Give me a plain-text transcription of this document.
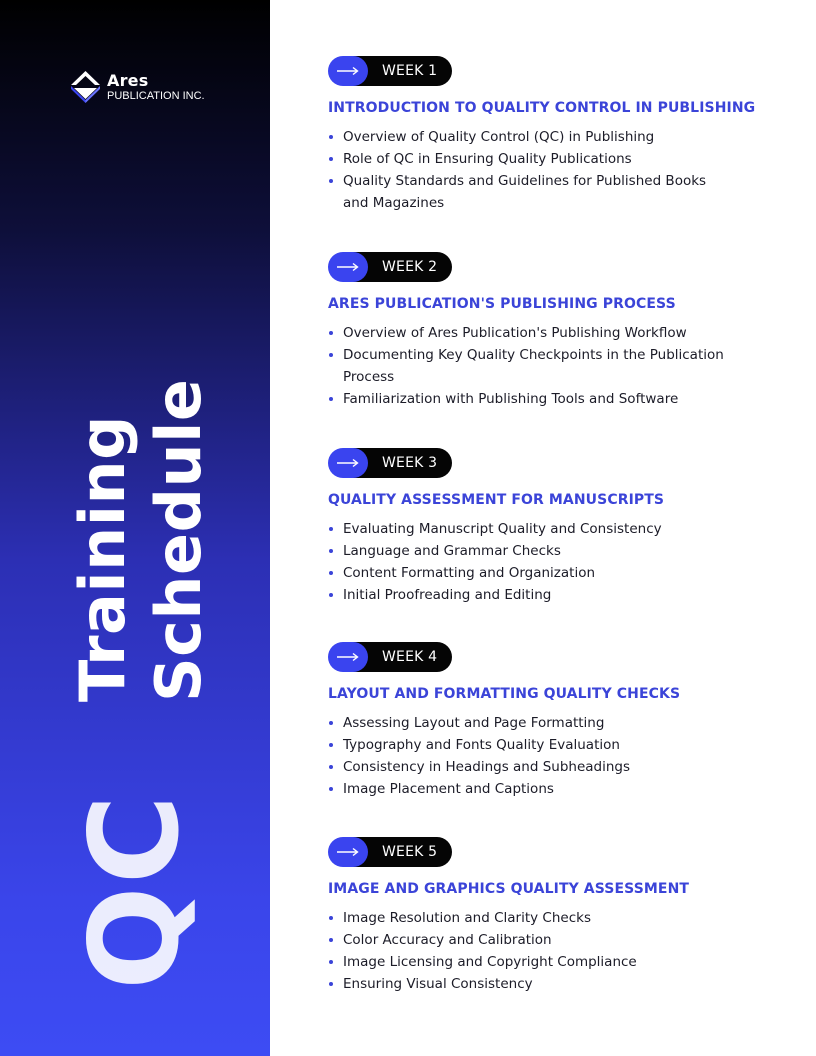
Ares
PUBLICATION INC.
QC
Training Schedule
WEEK 1
INTRODUCTION TO QUALITY CONTROL IN PUBLISHING
Overview of Quality Control (QC) in Publishing
Role of QC in Ensuring Quality Publications
Quality Standards and Guidelines for Published Books and Magazines
WEEK 2
ARES PUBLICATION'S PUBLISHING PROCESS
Overview of Ares Publication's Publishing Workflow
Documenting Key Quality Checkpoints in the Publication Process
Familiarization with Publishing Tools and Software
WEEK 3
QUALITY ASSESSMENT FOR MANUSCRIPTS
Evaluating Manuscript Quality and Consistency
Language and Grammar Checks
Content Formatting and Organization
Initial Proofreading and Editing
WEEK 4
LAYOUT AND FORMATTING QUALITY CHECKS
Assessing Layout and Page Formatting
Typography and Fonts Quality Evaluation
Consistency in Headings and Subheadings
Image Placement and Captions
WEEK 5
IMAGE AND GRAPHICS QUALITY ASSESSMENT
Image Resolution and Clarity Checks
Color Accuracy and Calibration
Image Licensing and Copyright Compliance
Ensuring Visual Consistency
